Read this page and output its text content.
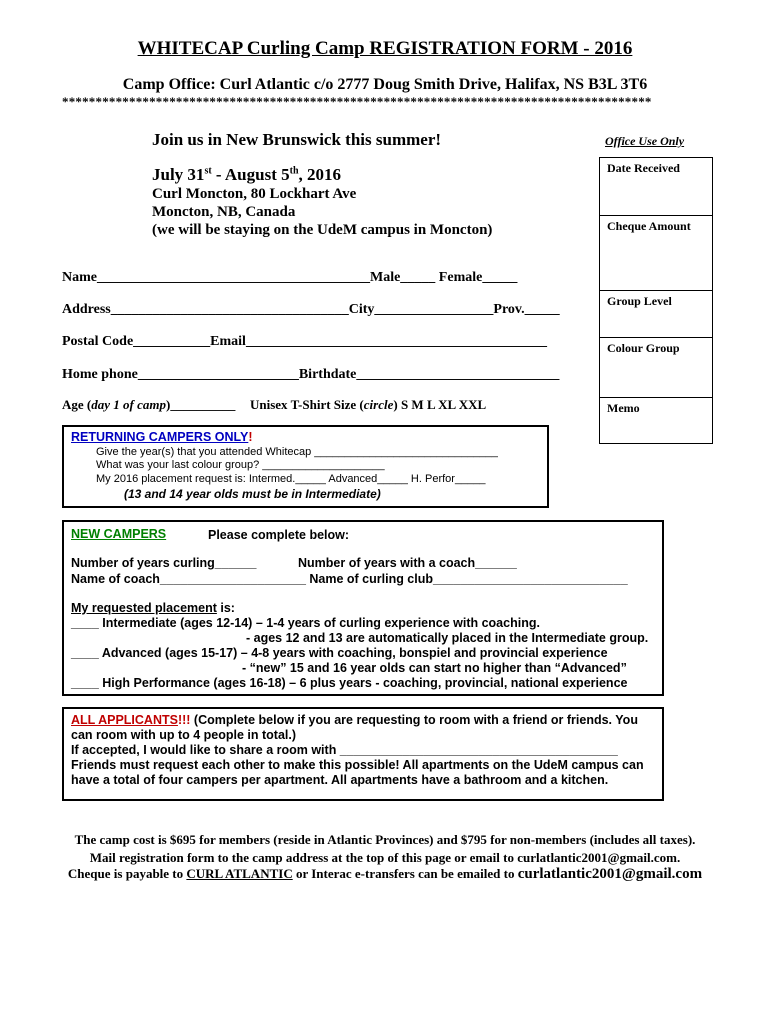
WHITECAP Curling Camp REGISTRATION FORM - 2016
Camp Office: Curl Atlantic c/o 2777 Doug Smith Drive, Halifax, NS B3L 3T6
****************************************************************************************
Join us in New Brunswick this summer!
July 31st - August 5th, 2016
Curl Moncton, 80 Lockhart Ave
Moncton, NB, Canada
(we will be staying on the UdeM campus in Moncton)
Office Use Only
Date Received
Cheque Amount
Group Level
Colour Group
Memo
Name_______________________________________Male_____ Female_____
Address__________________________________City_________________Prov._____
Postal Code___________Email___________________________________________
Home phone_______________________Birthdate_____________________________
Age (day 1 of camp)__________ Unisex T-Shirt Size (circle) S M L XL XXL
RETURNING CAMPERS ONLY!
Give the year(s) that you attended Whitecap ______________________________
What was your last colour group? ____________________
My 2016 placement request is: Intermed._____ Advanced_____ H. Perfor_____
(13 and 14 year olds must be in Intermediate)
NEW CAMPERS	Please complete below:
Number of years curling______	Number of years with a coach______
Name of coach_____________________ Name of curling club____________________________
My requested placement is:
____ Intermediate (ages 12-14) – 1-4 years of curling experience with coaching.
- ages 12 and 13 are automatically placed in the Intermediate group.
____ Advanced (ages 15-17) – 4-8 years with coaching, bonspiel and provincial experience
- “new” 15 and 16 year olds can start no higher than “Advanced”
____ High Performance (ages 16-18) – 6 plus years - coaching, provincial, national experience
ALL APPLICANTS!!! (Complete below if you are requesting to room with a friend or friends. You
can room with up to 4 people in total.)
If accepted, I would like to share a room with ________________________________________
Friends must request each other to make this possible! All apartments on the UdeM campus can
have a total of four campers per apartment. All apartments have a bathroom and a kitchen.
The camp cost is $695 for members (reside in Atlantic Provinces) and $795 for non-members (includes all taxes).
Mail registration form to the camp address at the top of this page or email to curlatlantic2001@gmail.com.
Cheque is payable to CURL ATLANTIC or Interac e-transfers can be emailed to curlatlantic2001@gmail.com
